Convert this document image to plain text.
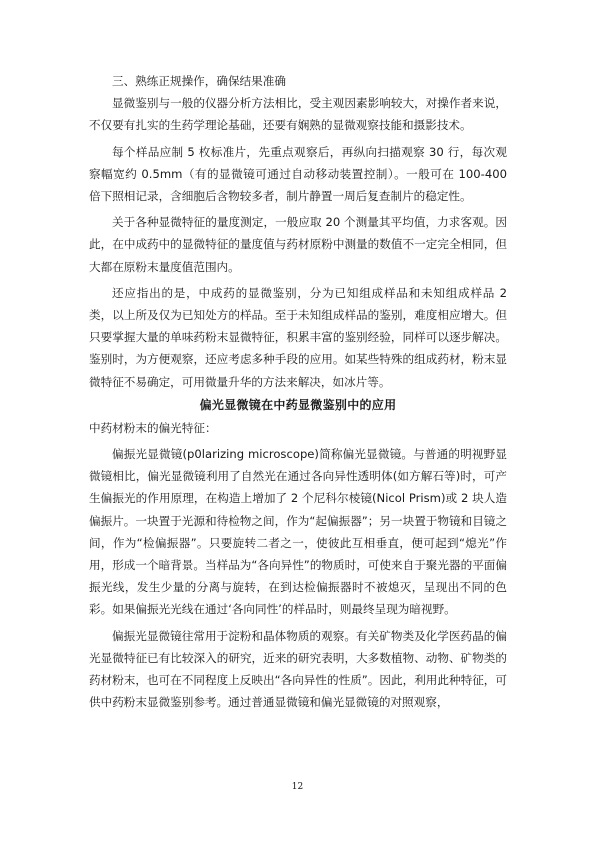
三、熟练正规操作，确保结果准确

显微鉴别与一般的仪器分析方法相比，受主观因素影响较大，对操作者来说，不仅要有扎实的生药学理论基础，还要有娴熟的显微观察技能和摄影技术。

每个样品应制 5 枚标准片，先重点观察后，再纵向扫描观察 30 行，每次观察幅宽约 0.5mm（有的显微镜可通过自动移动装置控制）。一般可在 100-400 倍下照相记录，含细胞后含物较多者，制片静置一周后复查制片的稳定性。

关于各种显微特征的量度测定，一般应取 20 个测量其平均值，力求客观。因此，在中成药中的显微特征的量度值与药材原粉中测量的数值不一定完全相同，但大都在原粉末量度值范围内。

还应指出的是，中成药的显微鉴别，分为已知组成样品和未知组成样品 2 类，以上所及仅为已知处方的样品。至于未知组成样品的鉴别，难度相应增大。但只要掌握大量的单味药粉末显微特征，积累丰富的鉴别经验，同样可以逐步解决。鉴别时，为方便观察，还应考虑多种手段的应用。如某些特殊的组成药材，粉末显微特征不易确定，可用微量升华的方法来解决，如冰片等。

偏光显微镜在中药显微鉴别中的应用

中药材粉末的偏光特征：

偏振光显微镜(p0larizing microscope)简称偏光显微镜。与普通的明视野显微镜相比，偏光显微镜利用了自然光在通过各向异性透明体(如方解石等)时，可产生偏振光的作用原理，在构造上增加了 2 个尼科尔棱镜(Nicol Prism)或 2 块人造偏振片。一块置于光源和待检物之间，作为“起偏振器”；另一块置于物镜和目镜之间，作为“检偏振器”。只要旋转二者之一，使彼此互相垂直，便可起到“熄光”作用，形成一个暗背景。当样品为“各向异性”的物质时，可使来自于聚光器的平面偏振光线，发生少量的分离与旋转，在到达检偏振器时不被熄灭，呈现出不同的色彩。如果偏振光光线在通过‘各向同性’的样品时，则最终呈现为暗视野。

偏振光显微镜往常用于淀粉和晶体物质的观察。有关矿物类及化学医药晶的偏光显微特征已有比较深入的研究，近来的研究表明，大多数植物、动物、矿物类的药材粉末，也可在不同程度上反映出“各向异性的性质”。因此，利用此种特征，可供中药粉末显微鉴别参考。通过普通显微镜和偏光显微镜的对照观察，

12
